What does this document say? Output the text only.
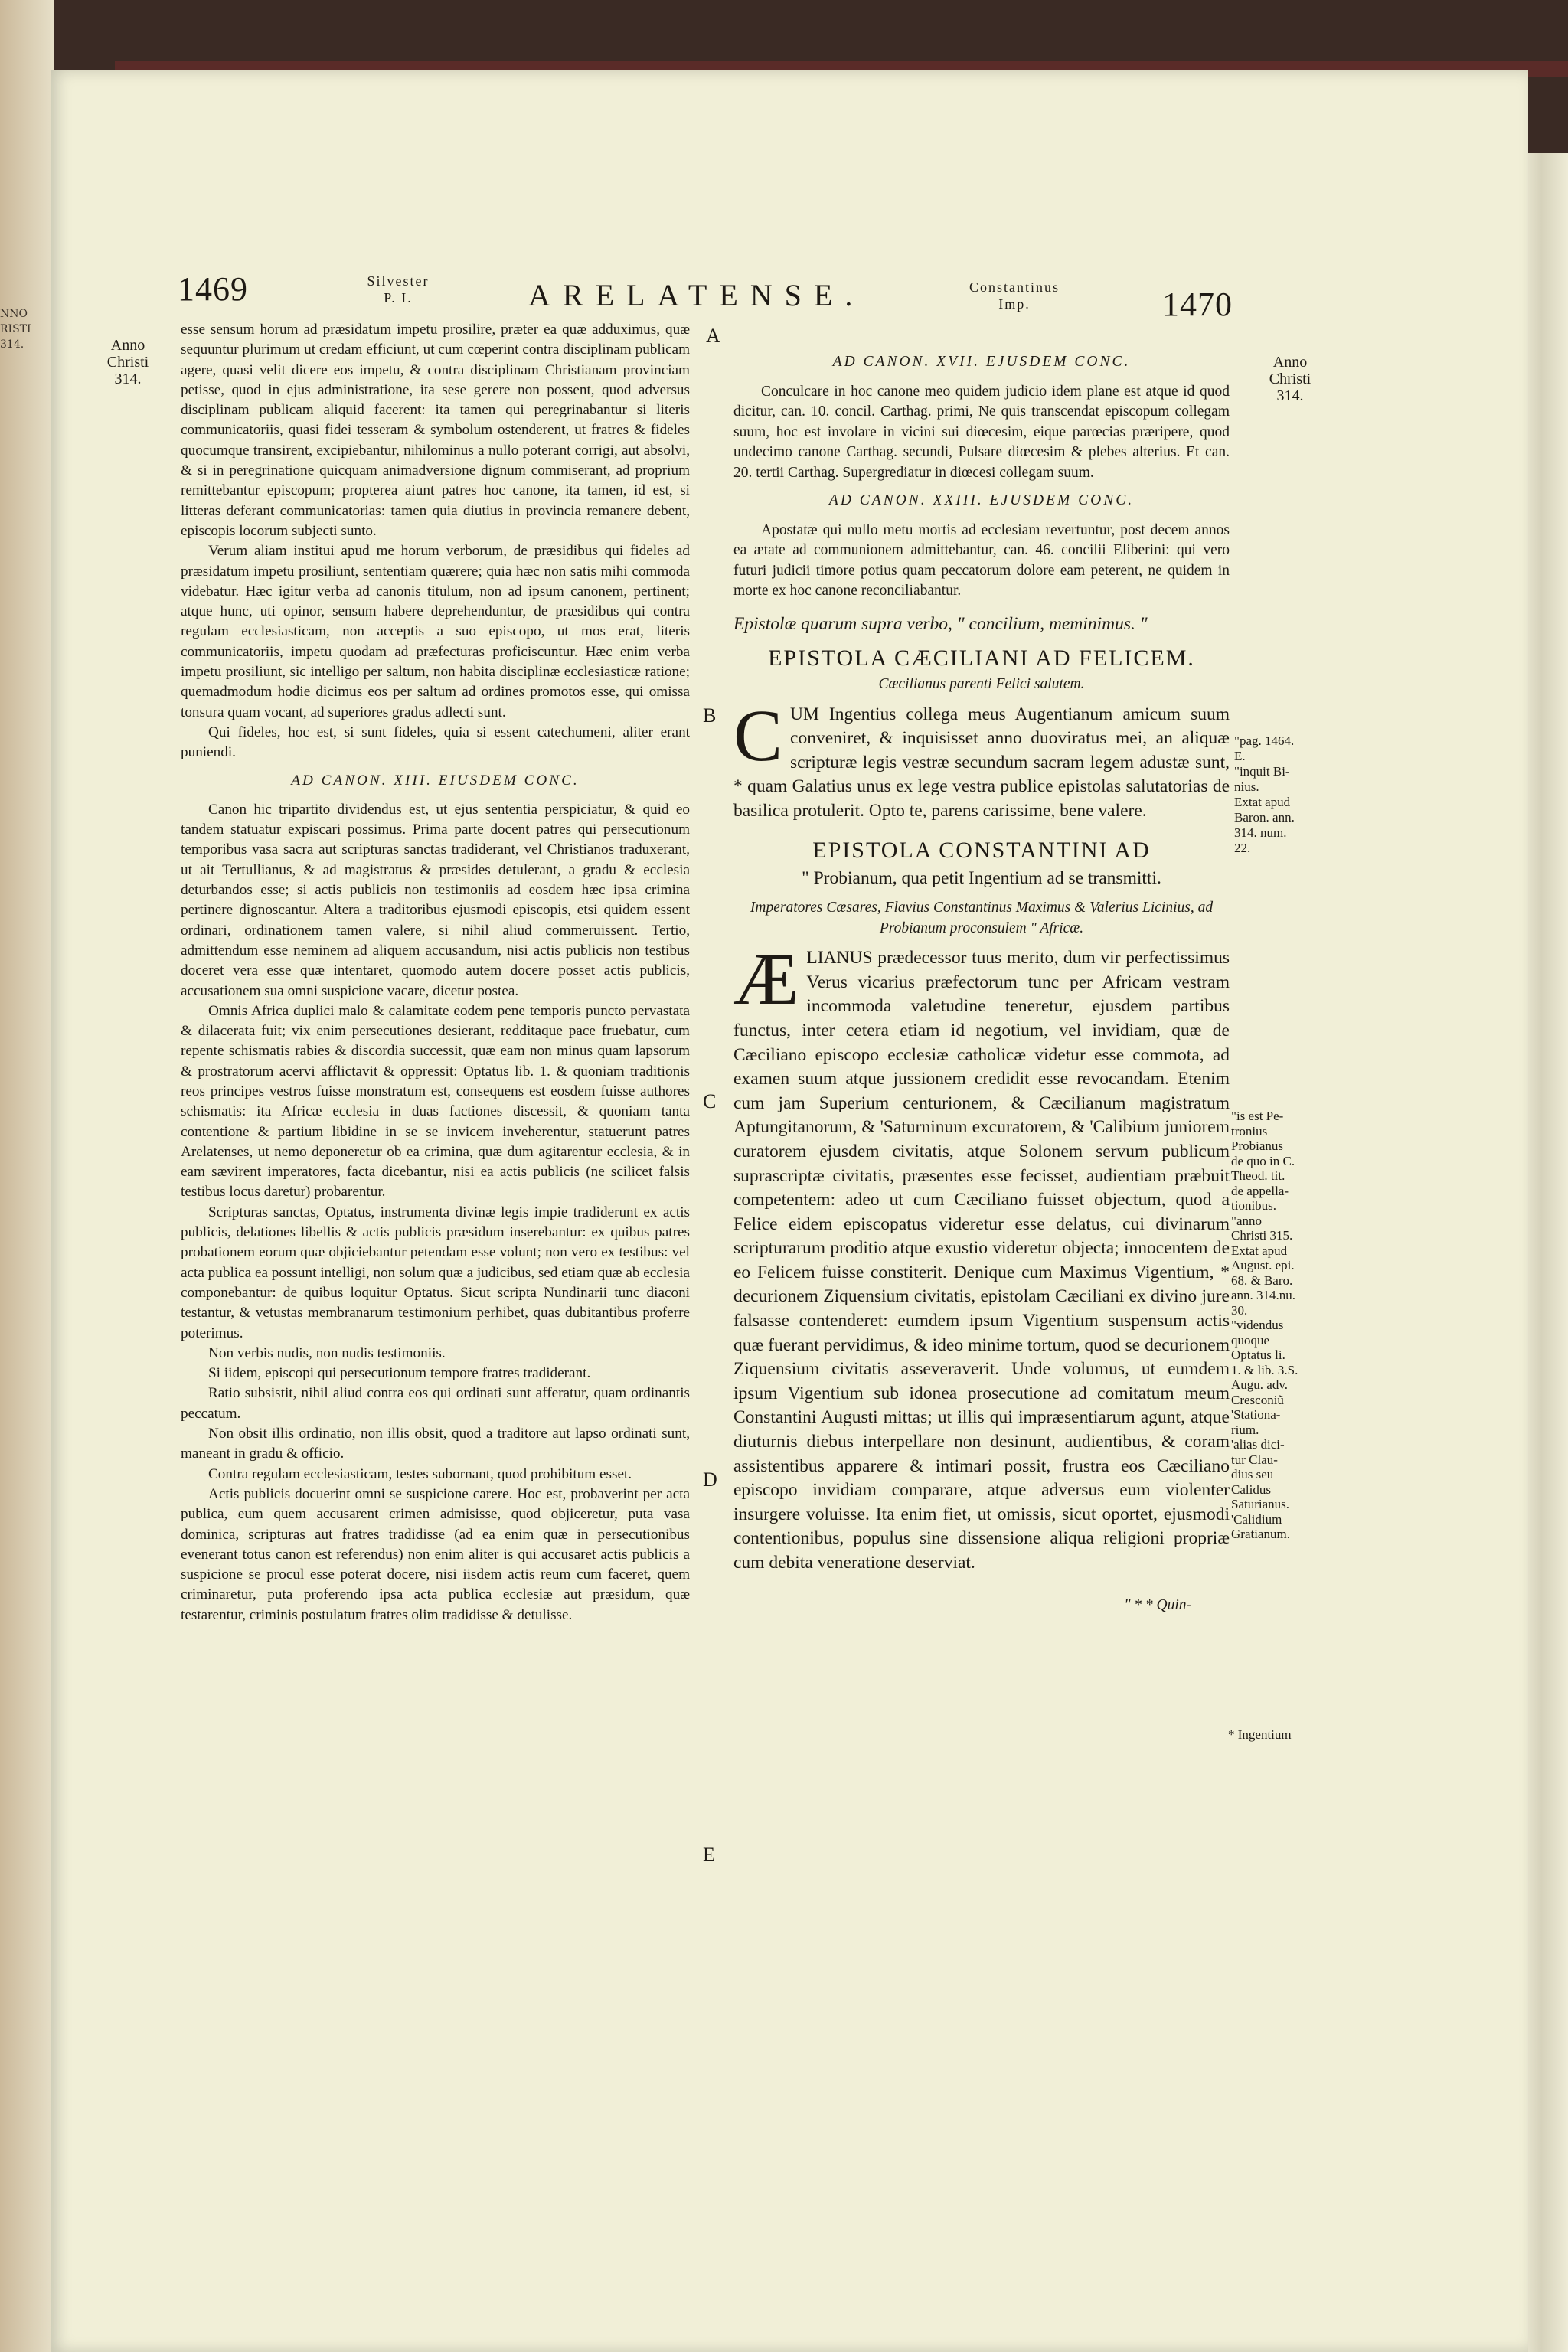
NNO
RISTI
314.
1469	Silvester
P. I.	ARELATENSE.	Constantinus
Imp.	1470
Anno
Christi
314.
Anno
Christi
314.
A
B
C
D
E
"pag. 1464.
E.
"inquit Bi-
nius.
Extat apud
Baron. ann.
314. num.
22.
"is est Pe-
tronius
Probianus
de quo in C.
Theod. tit.
de appella-
tionibus.
"anno
Christi 315.
Extat apud
August. epi.
68. & Baro.
ann. 314.nu.
30.
"videndus
quoque
Optatus li.
1. & lib. 3.S.
Augu. adv.
Cresconiũ
'Stationa-
rium.
'alias dici-
tur Clau-
dius seu
Calidus
Saturianus.
'Calidium
Gratianum.
* Ingentium

esse sensum horum ad præsidatum impetu prosilire, præter ea quæ adduximus, quæ sequuntur plurimum ut credam efficiunt, ut cum cœperint contra disciplinam publicam agere, quasi velit dicere eos impetu, & contra disciplinam Christianam provinciam petisse, quod in ejus administratione, ita sese gerere non possent, quod adversus disciplinam publicam aliquid facerent: ita tamen qui peregrinabantur si literis communicatoriis, quasi fidei tesseram & symbolum ostenderent, ut fratres & fideles quocumque transirent, excipiebantur, nihilominus a nullo poterant corrigi, aut absolvi, & si in peregrinatione quicquam animadversione dignum commiserant, ad proprium remittebantur episcopum; propterea aiunt patres hoc canone, ita tamen, id est, si litteras deferant communicatorias: tamen quia diutius in provincia remanere debent, episcopis locorum subjecti sunto.

Verum aliam institui apud me horum verborum, de præsidibus qui fideles ad præsidatum impetu prosiliunt, sententiam quærere; quia hæc non satis mihi commoda videbatur. Hæc igitur verba ad canonis titulum, non ad ipsum canonem, pertinent; atque hunc, uti opinor, sensum habere deprehenduntur, de præsidibus qui contra regulam ecclesiasticam, non acceptis a suo episcopo, ut mos erat, literis communicatoriis, impetu quodam ad præfecturas proficiscuntur. Hæc enim verba impetu prosiliunt, sic intelligo per saltum, non habita disciplinæ ecclesiasticæ ratione; quemadmodum hodie dicimus eos per saltum ad ordines promotos esse, qui omissa tonsura quam vocant, ad superiores gradus adlecti sunt.

Qui fideles, hoc est, si sunt fideles, quia si essent catechumeni, aliter erant puniendi.

AD CANON. XIII. EIUSDEM CONC.

Canon hic tripartito dividendus est, ut ejus sententia perspiciatur, & quid eo tandem statuatur expiscari possimus. Prima parte docent patres qui persecutionum temporibus vasa sacra aut scripturas sanctas tradiderant, vel Christianos traduxerant, ut ait Tertullianus, & ad magistratus & præsides detulerant, a gradu & ecclesia deturbandos esse; si actis publicis non testimoniis ad eosdem hæc ipsa crimina pertinere dignoscantur. Altera a traditoribus ejusmodi episcopis, etsi quidem essent ordinari, ordinationem tamen valere, si nihil aliud commeruissent. Tertio, admittendum esse neminem ad aliquem accusandum, nisi actis publicis non testibus doceret vera esse quæ intentaret, quomodo autem docere posset actis publicis, accusationem sua omni suspicione vacare, dicetur postea.

Omnis Africa duplici malo & calamitate eodem pene temporis puncto pervastata & dilacerata fuit; vix enim persecutiones desierant, redditaque pace fruebatur, cum repente schismatis rabies & discordia successit, quæ eam non minus quam lapsorum & prostratorum acervi afflictavit & oppressit: Optatus lib. 1. & quoniam traditionis reos principes vestros fuisse monstratum est, consequens est eosdem fuisse authores schismatis: ita Africæ ecclesia in duas factiones discessit, & quoniam tanta contentione & partium libidine in se se invicem inveherentur, statuerunt patres Arelatenses, ut nemo deponeretur ob ea crimina, quæ dum agitarentur ecclesia, & in eam sævirent imperatores, facta dicebantur, nisi ea actis publicis (ne scilicet falsis testibus locus daretur) probarentur.

Scripturas sanctas, Optatus, instrumenta divinæ legis impie tradiderunt ex actis publicis, delationes libellis & actis publicis præsidum inserebantur: ex quibus patres probationem eorum quæ objiciebantur petendam esse volunt; non vero ex testibus: vel acta publica ea possunt intelligi, non solum quæ a judicibus, sed etiam quæ ab ecclesia componebantur: de quibus loquitur Optatus. Sicut scripta Nundinarii tunc diaconi testantur, & vetustas membranarum testimonium perhibet, quas dubitantibus proferre poterimus.

Non verbis nudis, non nudis testimoniis.

Si iidem, episcopi qui persecutionum tempore fratres tradiderant.

Ratio subsistit, nihil aliud contra eos qui ordinati sunt afferatur, quam ordinantis peccatum.

Non obsit illis ordinatio, non illis obsit, quod a traditore aut lapso ordinati sunt, maneant in gradu & officio.

Contra regulam ecclesiasticam, testes subornant, quod prohibitum esset.

Actis publicis docuerint omni se suspicione carere. Hoc est, probaverint per acta publica, eum quem accusarent crimen admisisse, quod objiceretur, puta vasa dominica, scripturas aut fratres tradidisse (ad ea enim quæ in persecutionibus evenerant totus canon est referendus) non enim aliter is qui accusaret actis publicis a suspicione se procul esse poterat docere, nisi iisdem actis reum cum faceret, quem criminaretur, puta proferendo ipsa acta publica ecclesiæ aut præsidum, quæ testarentur, criminis postulatum fratres olim tradidisse & detulisse.

AD CANON. XVII. EJUSDEM CONC.

Conculcare in hoc canone meo quidem judicio idem plane est atque id quod dicitur, can. 10. concil. Carthag. primi, Ne quis transcendat episcopum collegam suum, hoc est involare in vicini sui diœcesim, eique parœcias præripere, quod undecimo canone Carthag. secundi, Pulsare diœcesim & plebes alterius. Et can. 20. tertii Carthag. Supergrediatur in diœcesi collegam suum.

AD CANON. XXIII. EJUSDEM CONC.

Apostatæ qui nullo metu mortis ad ecclesiam revertuntur, post decem annos ea ætate ad communionem admittebantur, can. 46. concilii Eliberini: qui vero futuri judicii timore potius quam peccatorum dolore eam peterent, ne quidem in morte ex hoc canone reconciliabantur.

Epistolæ quarum supra verbo, " concilium, meminimus. "

EPISTOLA CÆCILIANI AD FELICEM.

Cæcilianus parenti Felici salutem.

CUM Ingentius collega meus Augentianum amicum suum conveniret, & inquisisset anno duoviratus mei, an aliquæ scripturæ legis vestræ secundum sacram legem adustæ sunt, * quam Galatius unus ex lege vestra publice epistolas salutatorias de basilica protulerit. Opto te, parens carissime, bene valere.

EPISTOLA CONSTANTINI AD

" Probianum, qua petit Ingentium ad se transmitti.

Imperatores Cæsares, Flavius Constantinus Maximus & Valerius Licinius, ad Probianum proconsulem " Africæ.

ÆLIANUS prædecessor tuus merito, dum vir perfectissimus Verus vicarius præfectorum tunc per Africam vestram incommoda valetudine teneretur, ejusdem partibus functus, inter cetera etiam id negotium, vel invidiam, quæ de Cæciliano episcopo ecclesiæ catholicæ videtur esse commota, ad examen suum atque jussionem credidit esse revocandam. Etenim cum jam Superium centurionem, & Cæcilianum magistratum Aptungitanorum, & 'Saturninum excuratorem, & 'Calibium juniorem curatorem ejusdem civitatis, atque Solonem servum publicum suprascriptæ civitatis, præsentes esse fecisset, audientiam præbuit competentem: adeo ut cum Cæciliano fuisset objectum, quod a Felice eidem episcopatus videretur esse delatus, cui divinarum scripturarum proditio atque exustio videretur objecta; innocentem de eo Felicem fuisse constiterit. Denique cum Maximus Vigentium, * decurionem Ziquensium civitatis, epistolam Cæciliani ex divino jure falsasse contenderet: eumdem ipsum Vigentium suspensum actis quæ fuerant pervidimus, & ideo minime tortum, quod se decurionem Ziquensium civitatis asseveraverit. Unde volumus, ut eumdem ipsum Vigentium sub idonea prosecutione ad comitatum meum Constantini Augusti mittas; ut illis qui impræsentiarum agunt, atque diuturnis diebus interpellare non desinunt, audientibus, & coram assistentibus apparere & intimari possit, frustra eos Cæciliano episcopo invidiam comparare, atque adversus eum violenter insurgere voluisse. Ita enim fiet, ut omissis, sicut oportet, ejusmodi contentionibus, populus sine dissensione aliqua religioni propriæ cum debita veneratione deserviat.

" * * Quin-
